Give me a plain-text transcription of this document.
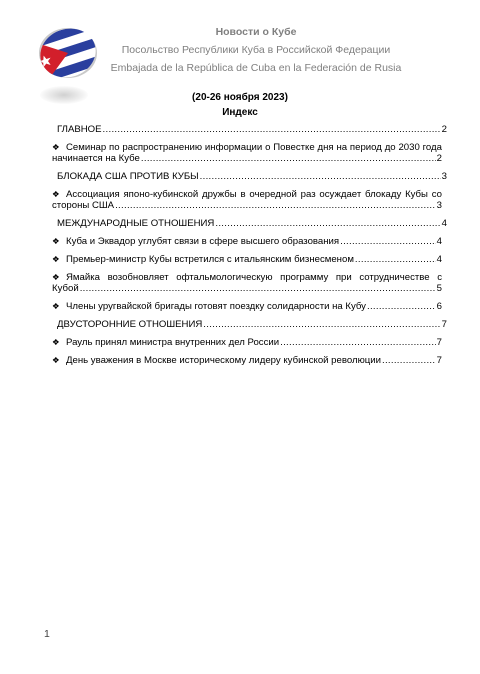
Новости о Кубе
Посольство Республики Куба в Российской Федерации
Embajada de la República de Cuba en la Federación de Rusia
(20-26 ноября 2023)
Индекс
ГЛАВНОЕ .....	2
❖ Семинар по распространению информации о Повестке дня на период до 2030 года
начинается на Кубе .....	2
БЛОКАДА США ПРОТИВ КУБЫ .....	3
❖ Ассоциация японо-кубинской дружбы в очередной раз осуждает блокаду Кубы со
стороны США .....	3
МЕЖДУНАРОДНЫЕ ОТНОШЕНИЯ .....	4
❖ Куба и Эквадор углубят связи в сфере высшего образования .....	4
❖ Премьер-министр Кубы встретился с итальянским бизнесменом .....	4
❖ Ямайка возобновляет офтальмологическую программу при сотрудничестве с
Кубой .....	5
❖ Члены уругвайской бригады готовят поездку солидарности на Кубу .....	6
ДВУСТОРОННИЕ ОТНОШЕНИЯ .....	7
❖ Рауль принял министра внутренних дел России .....	7
❖ День уважения в Москве историческому лидеру кубинской революции .....	7
1
